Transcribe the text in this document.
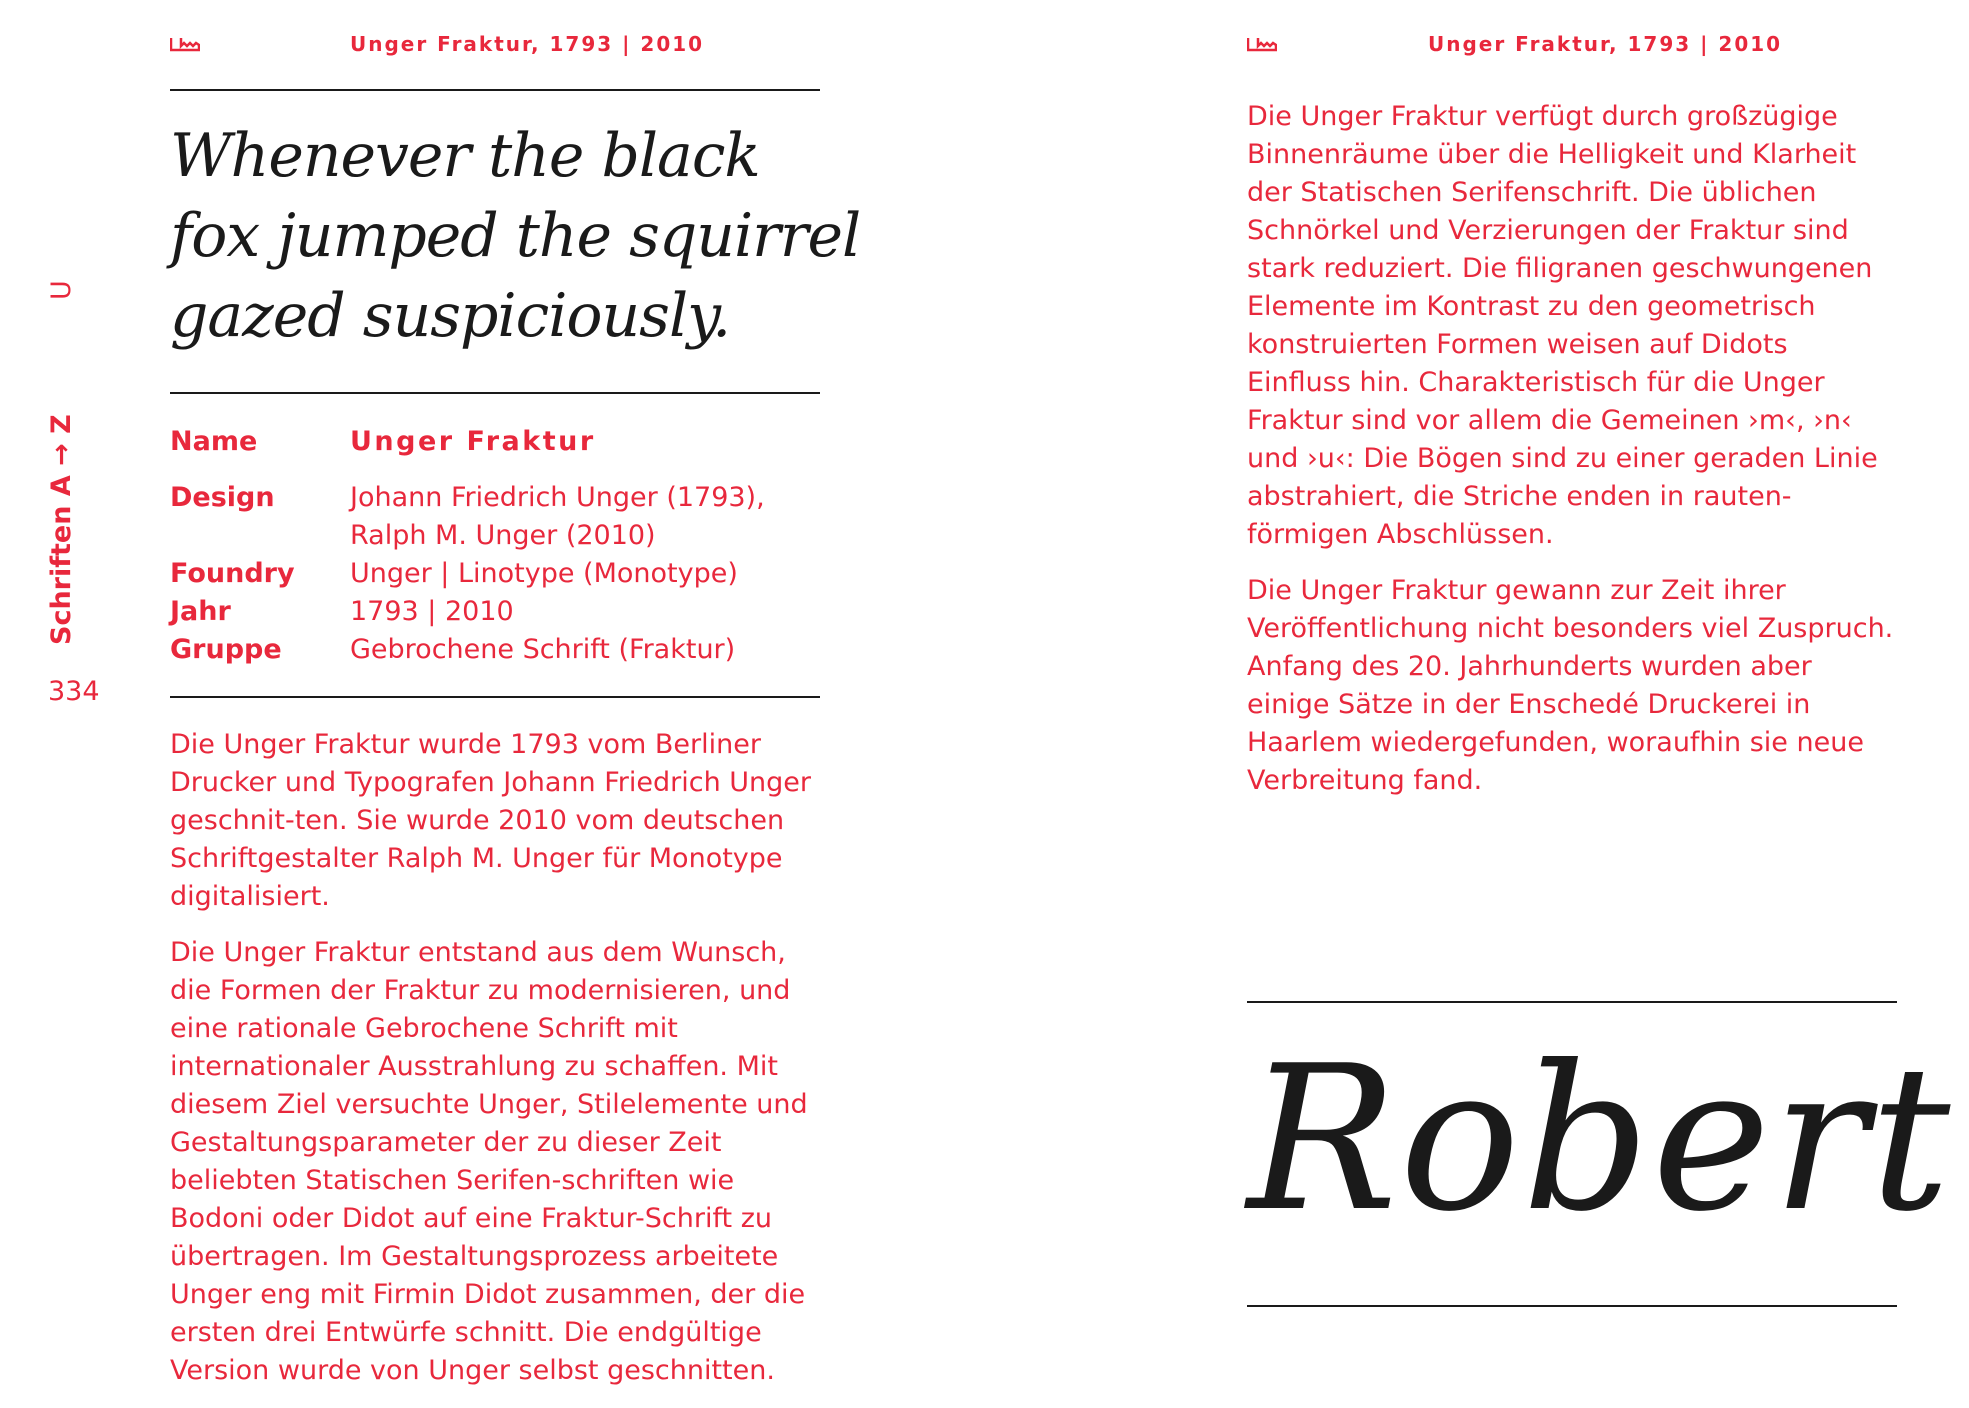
Unger Fraktur, 1793 | 2010
Whenever the black
fox jumped the squirrel
gazed suspiciously.
Name	Unger Fraktur
Design	Johann Friedrich Unger (1793),
Ralph M. Unger (2010)
Foundry	Unger | Linotype (Monotype)
Jahr	1793 | 2010
Gruppe	Gebrochene Schrift (Fraktur)

Die Unger Fraktur wurde 1793 vom Berliner Drucker und Typografen Johann Friedrich Unger geschnit-ten. Sie wurde 2010 vom deutschen Schriftgestalter Ralph M. Unger für Monotype digitalisiert.

Die Unger Fraktur entstand aus dem Wunsch, die Formen der Fraktur zu modernisieren, und eine rationale Gebrochene Schrift mit internationaler Ausstrahlung zu schaffen. Mit diesem Ziel versuchte Unger, Stilelemente und Gestaltungsparameter der zu dieser Zeit beliebten Statischen Serifen-schriften wie Bodoni oder Didot auf eine Fraktur-Schrift zu übertragen. Im Gestaltungsprozess arbeitete Unger eng mit Firmin Didot zusammen, der die ersten drei Entwürfe schnitt. Die endgültige Version wurde von Unger selbst geschnitten.

U
Schriften A → Z
334
Unger Fraktur, 1793 | 2010

Die Unger Fraktur verfügt durch großzügige Binnenräume über die Helligkeit und Klarheit der Statischen Serifenschrift. Die üblichen Schnörkel und Verzierungen der Fraktur sind stark reduziert. Die filigranen geschwungenen Elemente im Kontrast zu den geometrisch konstruierten Formen weisen auf Didots Einfluss hin. Charakteristisch für die Unger Fraktur sind vor allem die Gemeinen ›m‹, ›n‹ und ›u‹: Die Bögen sind zu einer geraden Linie abstrahiert, die Striche enden in rauten-förmigen Abschlüssen.

Die Unger Fraktur gewann zur Zeit ihrer Veröffentlichung nicht besonders viel Zuspruch. Anfang des 20. Jahrhunderts wurden aber einige Sätze in der Enschedé Druckerei in Haarlem wiedergefunden, woraufhin sie neue Verbreitung fand.

Robert
